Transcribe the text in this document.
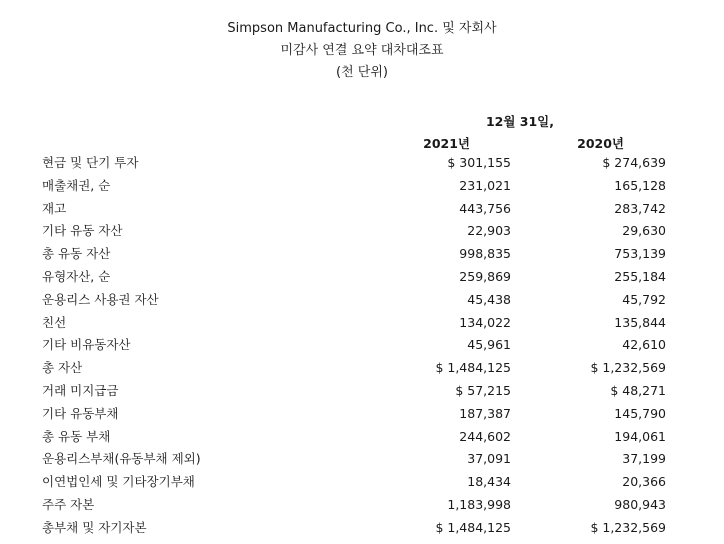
Simpson Manufacturing Co., Inc. 및 자회사
미감사 연결 요약 대차대조표
(천 단위)
12월 31일,
2021년	2020년
현금 및 단기 투자	$ 301,155	$ 274,639
매출채권, 순	231,021	165,128
재고	443,756	283,742
기타 유동 자산	22,903	29,630
총 유동 자산	998,835	753,139
유형자산, 순	259,869	255,184
운용리스 사용권 자산	45,438	45,792
친선	134,022	135,844
기타 비유동자산	45,961	42,610
총 자산	$ 1,484,125	$ 1,232,569
거래 미지급금	$ 57,215	$ 48,271
기타 유동부채	187,387	145,790
총 유동 부채	244,602	194,061
운용리스부채(유동부채 제외)	37,091	37,199
이연법인세 및 기타장기부채	18,434	20,366
주주 자본	1,183,998	980,943
총부채 및 자기자본	$ 1,484,125	$ 1,232,569
